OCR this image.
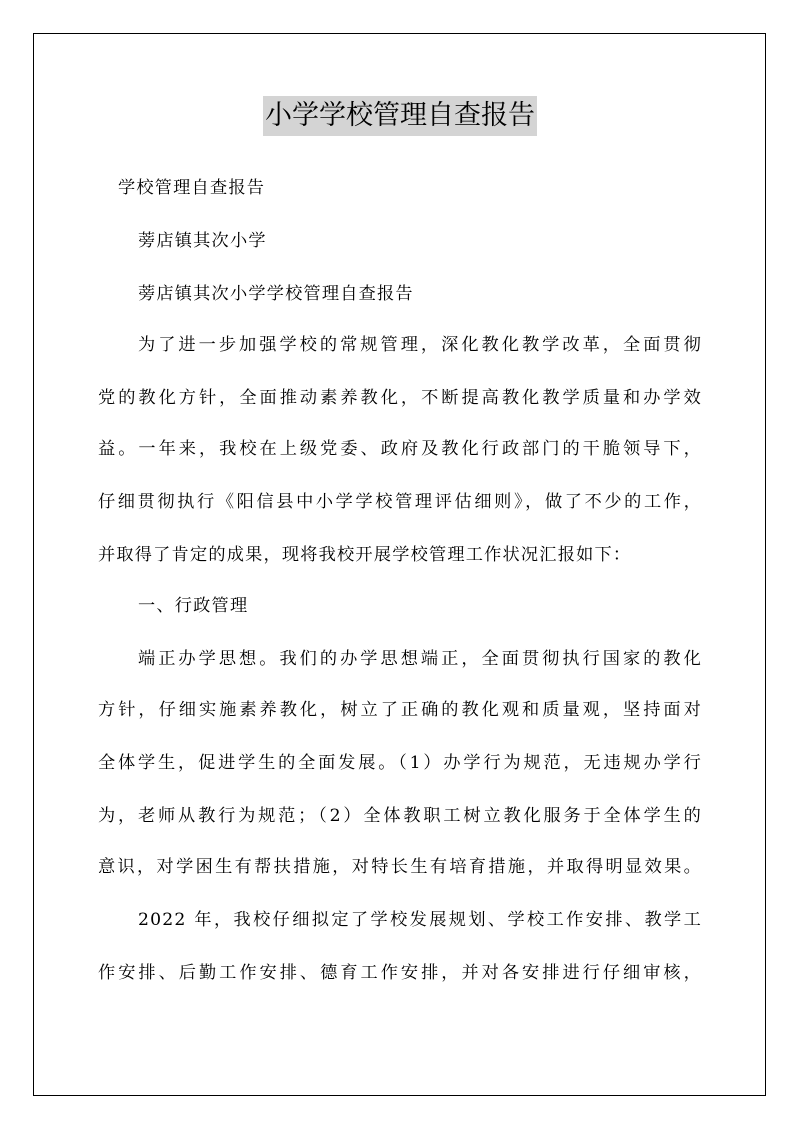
小学学校管理自查报告
学校管理自查报告
蒡店镇其次小学
蒡店镇其次小学学校管理自查报告
为了进一步加强学校的常规管理，深化教化教学改革，全面贯彻
党的教化方针，全面推动素养教化，不断提高教化教学质量和办学效
益。一年来，我校在上级党委、政府及教化行政部门的干脆领导下，
仔细贯彻执行《阳信县中小学学校管理评估细则》，做了不少的工作，
并取得了肯定的成果，现将我校开展学校管理工作状况汇报如下：
一、行政管理
端正办学思想。我们的办学思想端正，全面贯彻执行国家的教化
方针，仔细实施素养教化，树立了正确的教化观和质量观，坚持面对
全体学生，促进学生的全面发展。（1）办学行为规范，无违规办学行
为，老师从教行为规范；（2）全体教职工树立教化服务于全体学生的
意识，对学困生有帮扶措施，对特长生有培育措施，并取得明显效果。
2022 年，我校仔细拟定了学校发展规划、学校工作安排、教学工
作安排、后勤工作安排、德育工作安排，并对各安排进行仔细审核，
